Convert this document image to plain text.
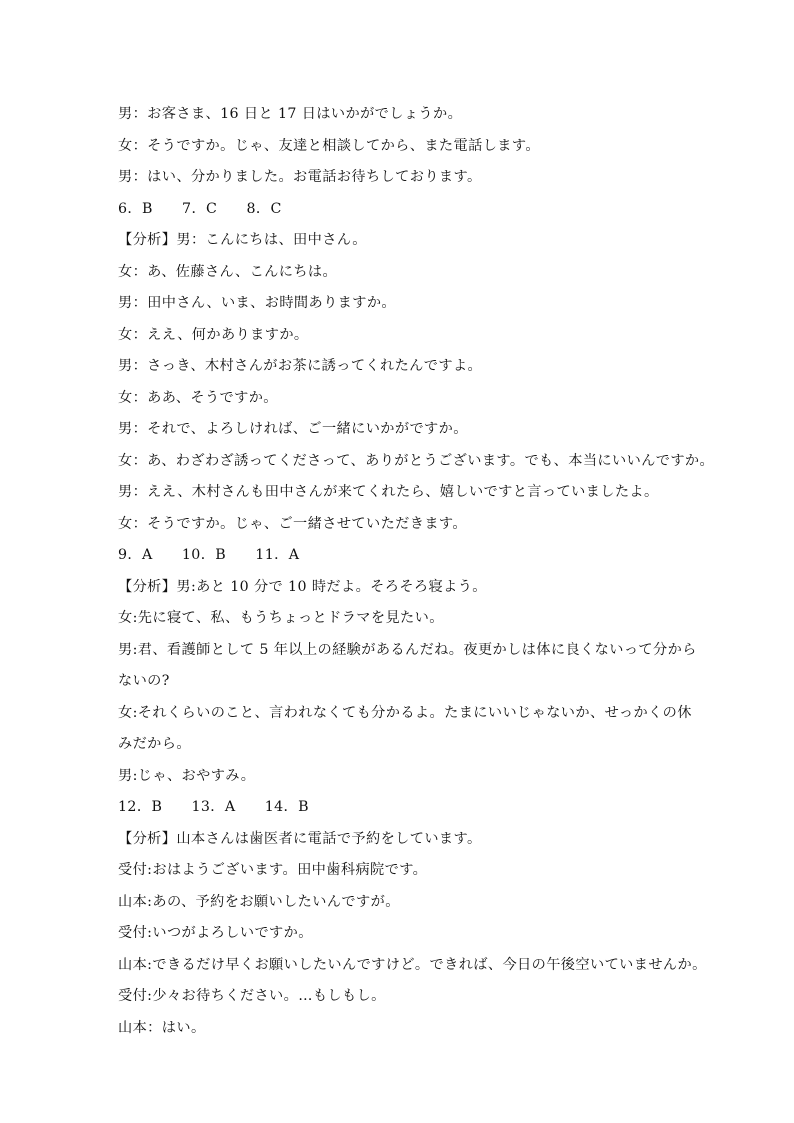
男：お客さま、16 日と 17 日はいかがでしょうか。
女：そうですか。じゃ、友達と相談してから、また電話します。
男：はい、分かりました。お電話お待ちしております。
6．B　　7．C　　8．C
【分析】男：こんにちは、田中さん。
女：あ、佐藤さん、こんにちは。
男：田中さん、いま、お時間ありますか。
女：ええ、何かありますか。
男：さっき、木村さんがお茶に誘ってくれたんですよ。
女：ああ、そうですか。
男：それで、よろしければ、ご一緒にいかがですか。
女：あ、わざわざ誘ってくださって、ありがとうございます。でも、本当にいいんですか。
男：ええ、木村さんも田中さんが来てくれたら、嬉しいですと言っていましたよ。
女：そうですか。じゃ、ご一緒させていただきます。
9．A　　10．B　　11．A
【分析】男:あと 10 分で 10 時だよ。そろそろ寝よう。
女:先に寝て、私、もうちょっとドラマを見たい。
男:君、看護師として 5 年以上の経験があるんだね。夜更かしは体に良くないって分から
ないの?
女:それくらいのこと、言われなくても分かるよ。たまにいいじゃないか、せっかくの休
みだから。
男:じゃ、おやすみ。
12．B　　13．A　　14．B
【分析】山本さんは歯医者に電話で予約をしています。
受付:おはようございます。田中歯科病院です。
山本:あの、予約をお願いしたいんですが。
受付:いつがよろしいですか。
山本:できるだけ早くお願いしたいんですけど。できれば、今日の午後空いていませんか。
受付:少々お待ちください。…もしもし。
山本：はい。
